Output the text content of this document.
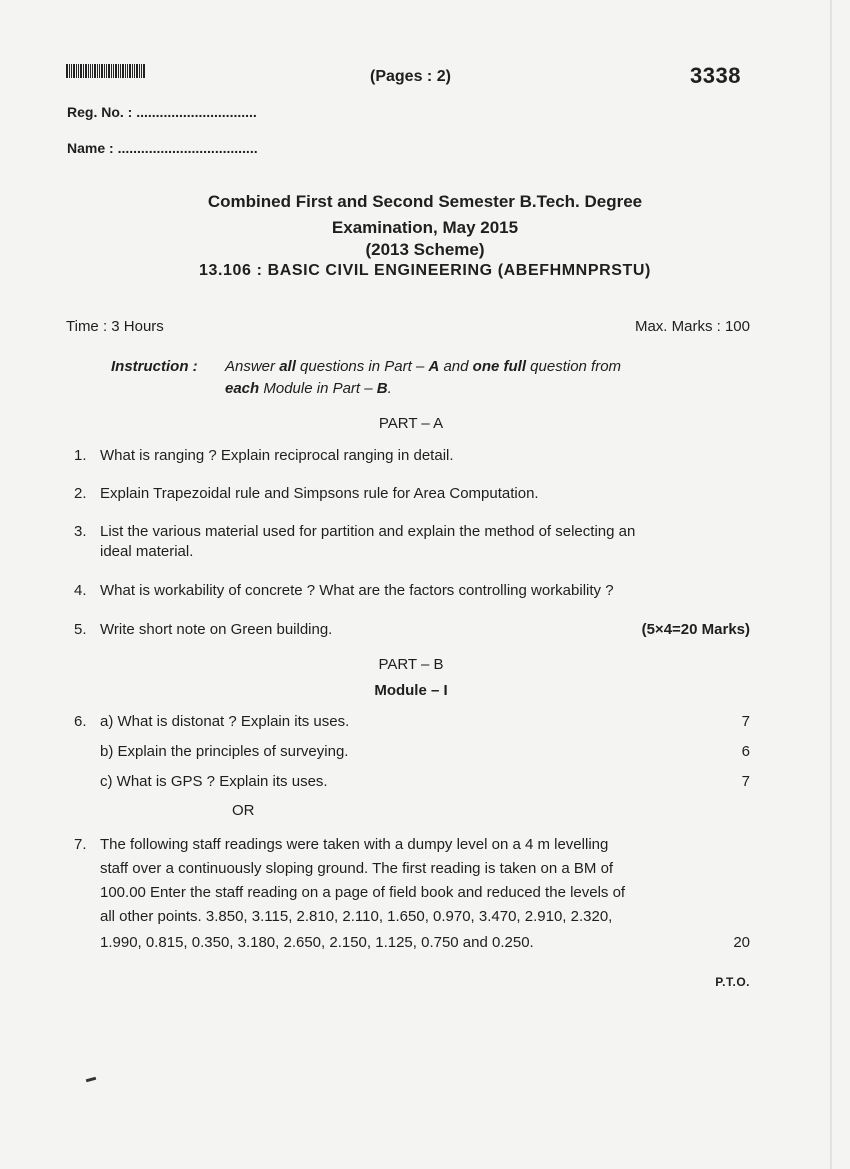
(Pages : 2)	3338
Reg. No. : ...............................
Name : ....................................
Combined First and Second Semester B.Tech. Degree
Examination, May 2015
(2013 Scheme)
13.106 : BASIC CIVIL ENGINEERING (ABEFHMNPRSTU)
Time : 3 Hours	Max. Marks : 100
Instruction : Answer all questions in Part – A and one full question from
each Module in Part – B.
PART – A
1. What is ranging ? Explain reciprocal ranging in detail.
2. Explain Trapezoidal rule and Simpsons rule for Area Computation.
3. List the various material used for partition and explain the method of selecting an
ideal material.
4. What is workability of concrete ? What are the factors controlling workability ?
5. Write short note on Green building.	(5×4=20 Marks)
PART – B
Module – I
6. a) What is distonat ? Explain its uses.	7
b) Explain the principles of surveying.	6
c) What is GPS ? Explain its uses.	7
OR
7. The following staff readings were taken with a dumpy level on a 4 m levelling
staff over a continuously sloping ground. The first reading is taken on a BM of
100.00 Enter the staff reading on a page of field book and reduced the levels of
all other points. 3.850, 3.115, 2.810, 2.110, 1.650, 0.970, 3.470, 2.910, 2.320,
1.990, 0.815, 0.350, 3.180, 2.650, 2.150, 1.125, 0.750 and 0.250.	20
P.T.O.
